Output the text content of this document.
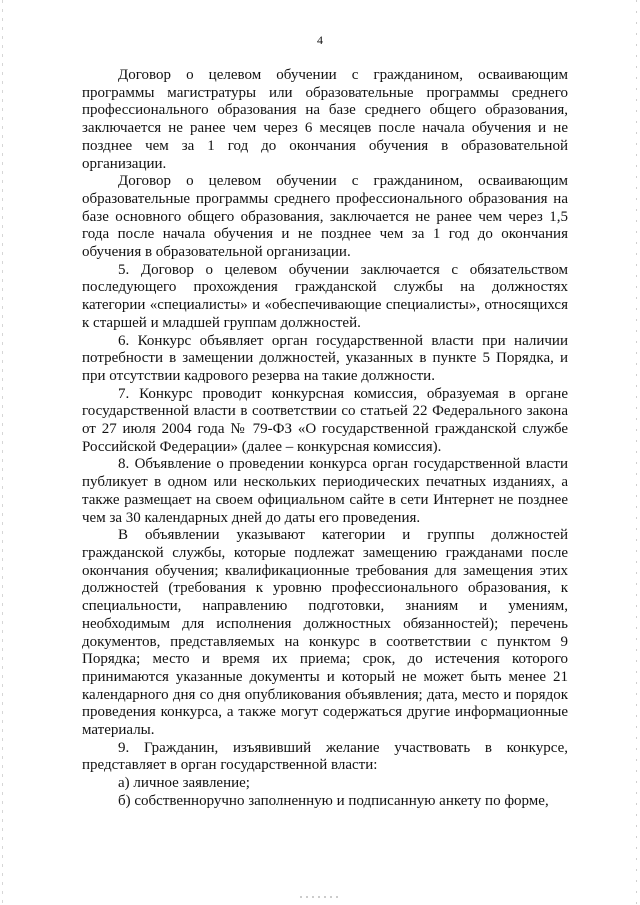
4

Договор о целевом обучении с гражданином, осваивающим программы магистратуры или образовательные программы среднего профессионального образования на базе среднего общего образования, заключается не ранее чем через 6 месяцев после начала обучения и не позднее чем за 1 год до окончания обучения в образовательной организации.

Договор о целевом обучении с гражданином, осваивающим образовательные программы среднего профессионального образования на базе основного общего образования, заключается не ранее чем через 1,5 года после начала обучения и не позднее чем за 1 год до окончания обучения в образовательной организации.

5. Договор о целевом обучении заключается с обязательством последующего прохождения гражданской службы на должностях категории «специалисты» и «обеспечивающие специалисты», относящихся к старшей и младшей группам должностей.

6. Конкурс объявляет орган государственной власти при наличии потребности в замещении должностей, указанных в пункте 5 Порядка, и при отсутствии кадрового резерва на такие должности.

7. Конкурс проводит конкурсная комиссия, образуемая в органе государственной власти в соответствии со статьей 22 Федерального закона от 27 июля 2004 года № 79-ФЗ «О государственной гражданской службе Российской Федерации» (далее – конкурсная комиссия).

8. Объявление о проведении конкурса орган государственной власти публикует в одном или нескольких периодических печатных изданиях, а также размещает на своем официальном сайте в сети Интернет не позднее чем за 30 календарных дней до даты его проведения.

В объявлении указывают категории и группы должностей гражданской службы, которые подлежат замещению гражданами после окончания обучения; квалификационные требования для замещения этих должностей (требования к уровню профессионального образования, к специальности, направлению подготовки, знаниям и умениям, необходимым для исполнения должностных обязанностей); перечень документов, представляемых на конкурс в соответствии с пунктом 9 Порядка; место и время их приема; срок, до истечения которого принимаются указанные документы и который не может быть менее 21 календарного дня со дня опубликования объявления; дата, место и порядок проведения конкурса, а также могут содержаться другие информационные материалы.

9. Гражданин, изъявивший желание участвовать в конкурсе, представляет в орган государственной власти:

а) личное заявление;

б) собственноручно заполненную и подписанную анкету по форме,
